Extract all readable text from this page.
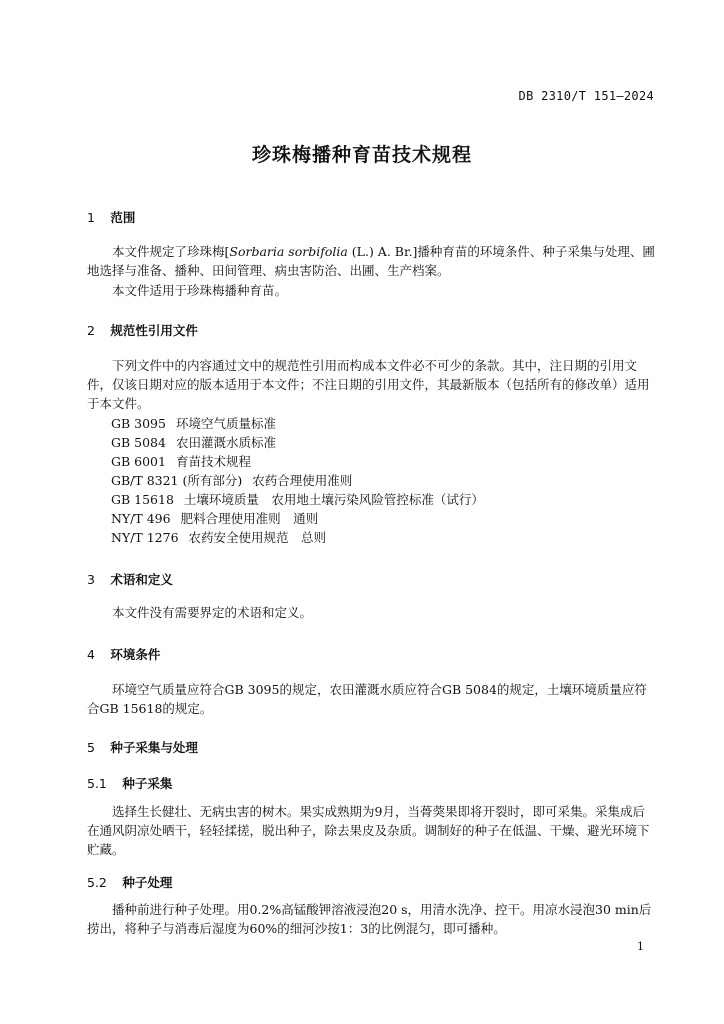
DB 2310/T 151—2024
珍珠梅播种育苗技术规程
1 范围
本文件规定了珍珠梅[Sorbaria sorbifolia (L.) A. Br.]播种育苗的环境条件、种子采集与处理、圃地选择与准备、播种、田间管理、病虫害防治、出圃、生产档案。
本文件适用于珍珠梅播种育苗。
2 规范性引用文件
下列文件中的内容通过文中的规范性引用而构成本文件必不可少的条款。其中，注日期的引用文件，仅该日期对应的版本适用于本文件；不注日期的引用文件，其最新版本（包括所有的修改单）适用于本文件。
GB 3095 环境空气质量标准
GB 5084 农田灌溉水质标准
GB 6001 育苗技术规程
GB/T 8321 (所有部分) 农药合理使用准则
GB 15618 土壤环境质量　农用地土壤污染风险管控标准（试行）
NY/T 496 肥料合理使用准则　通则
NY/T 1276 农药安全使用规范　总则
3 术语和定义
本文件没有需要界定的术语和定义。
4 环境条件
环境空气质量应符合GB 3095的规定，农田灌溉水质应符合GB 5084的规定，土壤环境质量应符合GB 15618的规定。
5 种子采集与处理
5.1 种子采集
选择生长健壮、无病虫害的树木。果实成熟期为9月，当蓇葖果即将开裂时，即可采集。采集成后在通风阴凉处晒干，轻轻揉搓，脱出种子，除去果皮及杂质。调制好的种子在低温、干燥、避光环境下贮藏。
5.2 种子处理
播种前进行种子处理。用0.2%高锰酸钾溶液浸泡20 s，用清水洗净、控干。用凉水浸泡30 min后捞出，将种子与消毒后湿度为60%的细河沙按1：3的比例混匀，即可播种。
1
